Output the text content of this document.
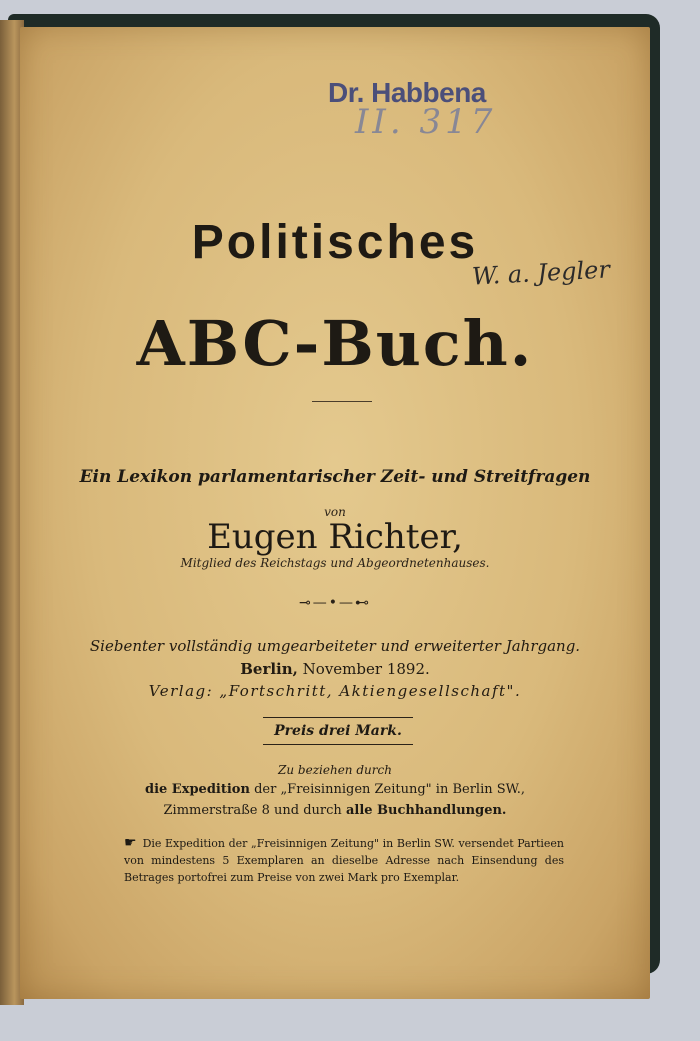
Dr. Habbena
II. 317
W. a. Jegler
Politisches
ABC-Buch.
Ein Lexikon parlamentarischer Zeit- und Streitfragen
von
Eugen Richter,
Mitglied des Reichstags und Abgeordnetenhauses.
⊸—•—⊷
Siebenter vollständig umgearbeiteter und erweiterter Jahrgang.
Berlin, November 1892.
Verlag: „Fortschritt, Aktiengesellschaft".
Preis drei Mark.
Zu beziehen durch
die Expedition der „Freisinnigen Zeitung" in Berlin SW.,
Zimmerstraße 8 und durch alle Buchhandlungen.
☛ Die Expedition der „Freisinnigen Zeitung" in Berlin SW. versendet Partieen von mindestens 5 Exemplaren an dieselbe Adresse nach Einsendung des Betrages portofrei zum Preise von zwei Mark pro Exemplar.
